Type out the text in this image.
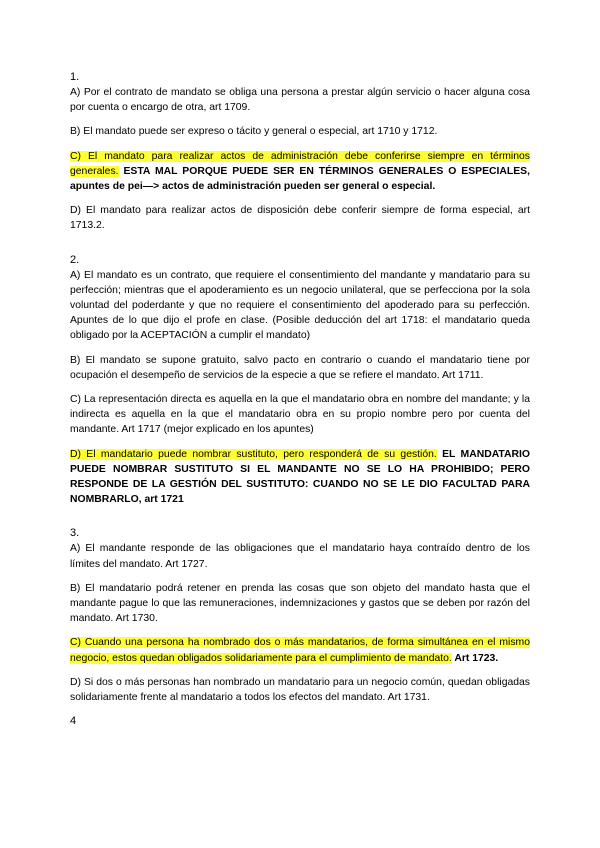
1.

A) Por el contrato de mandato se obliga una persona a prestar algún servicio o hacer alguna cosa por cuenta o encargo de otra, art 1709.

B) El mandato puede ser expreso o tácito y general o especial, art 1710 y 1712.

C) El mandato para realizar actos de administración debe conferirse siempre en términos generales. ESTA MAL PORQUE PUEDE SER EN TÉRMINOS GENERALES O ESPECIALES, apuntes de pei—> actos de administración pueden ser general o especial.

D) El mandato para realizar actos de disposición debe conferir siempre de forma especial, art 1713.2.

2.

A) El mandato es un contrato, que requiere el consentimiento del mandante y mandatario para su perfección; mientras que el apoderamiento es un negocio unilateral, que se perfecciona por la sola voluntad del poderdante y que no requiere el consentimiento del apoderado para su perfección. Apuntes de lo que dijo el profe en clase. (Posible deducción del art 1718: el mandatario queda obligado por la ACEPTACIÓN a cumplir el mandato)

B) El mandato se supone gratuito, salvo pacto en contrario o cuando el mandatario tiene por ocupación el desempeño de servicios de la especie a que se refiere el mandato. Art 1711.

C) La representación directa es aquella en la que el mandatario obra en nombre del mandante; y la indirecta es aquella en la que el mandatario obra en su propio nombre pero por cuenta del mandante. Art 1717 (mejor explicado en los apuntes)

D) El mandatario puede nombrar sustituto, pero responderá de su gestión. EL MANDATARIO PUEDE NOMBRAR SUSTITUTO SI EL MANDANTE NO SE LO HA PROHIBIDO; PERO RESPONDE DE LA GESTIÓN DEL SUSTITUTO: CUANDO NO SE LE DIO FACULTAD PARA NOMBRARLO, art 1721

3.

A) El mandante responde de las obligaciones que el mandatario haya contraído dentro de los límites del mandato. Art 1727.

B) El mandatario podrá retener en prenda las cosas que son objeto del mandato hasta que el mandante pague lo que las remuneraciones, indemnizaciones y gastos que se deben por razón del mandato. Art 1730.

C) Cuando una persona ha nombrado dos o más mandatarios, de forma simultánea en el mismo negocio, estos quedan obligados solidariamente para el cumplimiento de mandato. Art 1723.

D) Si dos o más personas han nombrado un mandatario para un negocio común, quedan obligadas solidariamente frente al mandatario a todos los efectos del mandato. Art 1731.

4
